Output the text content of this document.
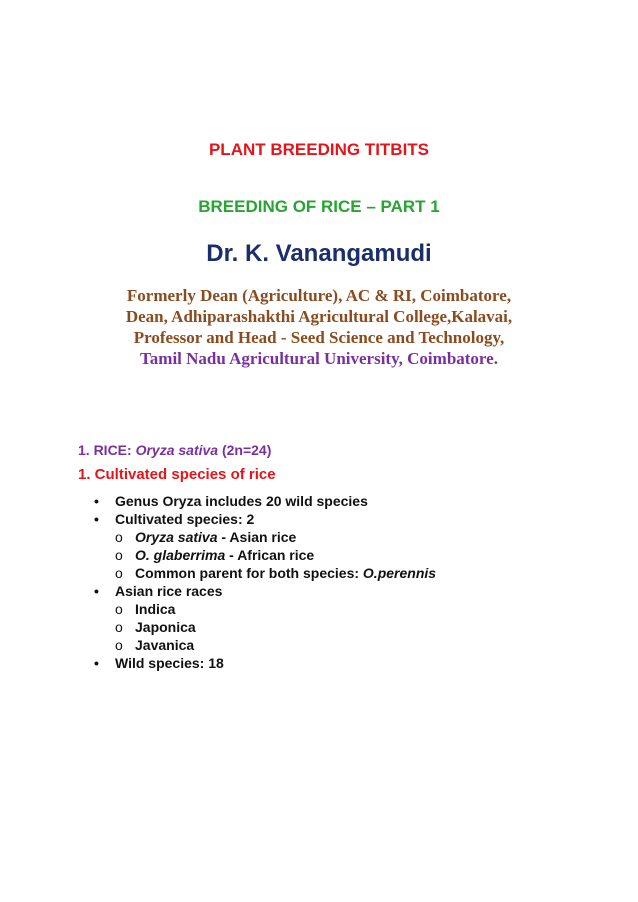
PLANT BREEDING TITBITS
BREEDING OF RICE – PART 1
Dr. K. Vanangamudi
Formerly Dean (Agriculture), AC & RI, Coimbatore,
Dean, Adhiparashakthi Agricultural College,Kalavai,
Professor and Head - Seed Science and Technology,
Tamil Nadu Agricultural University, Coimbatore.
1. RICE: Oryza sativa (2n=24)
1. Cultivated species of rice
• Genus Oryza includes 20 wild species
• Cultivated species: 2
o Oryza sativa - Asian rice
o O. glaberrima - African rice
o Common parent for both species: O.perennis
• Asian rice races
o Indica
o Japonica
o Javanica
• Wild species: 18
